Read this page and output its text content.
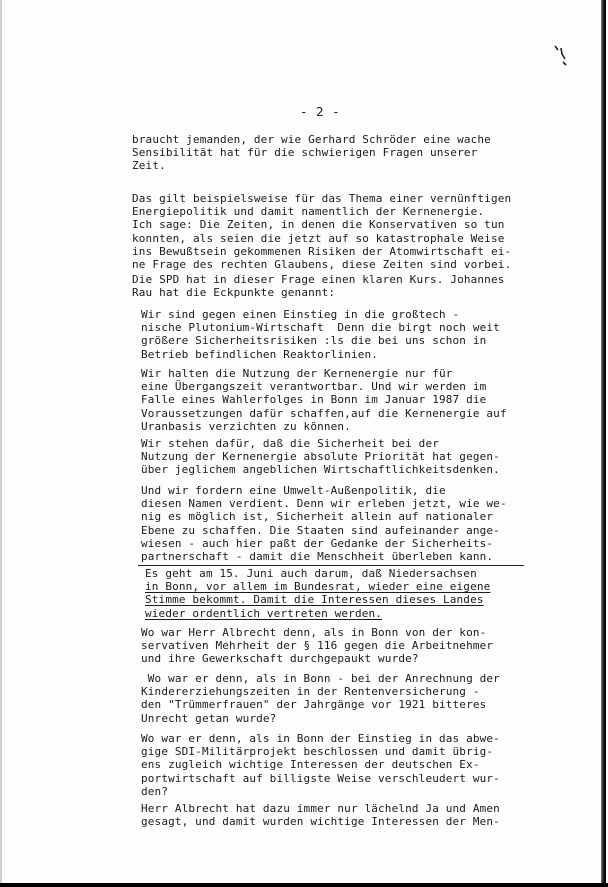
- 2 -
braucht jemanden, der wie Gerhard Schröder eine wache
Sensibilität hat für die schwierigen Fragen unserer
Zeit.
Das gilt beispielsweise für das Thema einer vernünftigen
Energiepolitik und damit namentlich der Kernenergie.
Ich sage: Die Zeiten, in denen die Konservativen so tun
konnten, als seien die jetzt auf so katastrophale Weise
ins Bewußtsein gekommenen Risiken der Atomwirtschaft ei-
ne Frage des rechten Glaubens, diese Zeiten sind vorbei.
Die SPD hat in dieser Frage einen klaren Kurs. Johannes
Rau hat die Eckpunkte genannt:
Wir sind gegen einen Einstieg in die großtech -
nische Plutonium-Wirtschaft  Denn die birgt noch weit
größere Sicherheitsrisiken :ls die bei uns schon in
Betrieb befindlichen Reaktorlinien.
Wir halten die Nutzung der Kernenergie nur für
eine Übergangszeit verantwortbar. Und wir werden im
Falle eines Wahlerfolges in Bonn im Januar 1987 die
Voraussetzungen dafür schaffen,auf die Kernenergie auf
Uranbasis verzichten zu können.
Wir stehen dafür, daß die Sicherheit bei der
Nutzung der Kernenergie absolute Priorität hat gegen-
über jeglichem angeblichen Wirtschaftlichkeitsdenken.
Und wir fordern eine Umwelt-Außenpolitik, die
diesen Namen verdient. Denn wir erleben jetzt, wie we-
nig es möglich ist, Sicherheit allein auf nationaler
Ebene zu schaffen. Die Staaten sind aufeinander ange-
wiesen - auch hier paßt der Gedanke der Sicherheits-
partnerschaft - damit die Menschheit überleben kann.
Es geht am 15. Juni auch darum, daß Niedersachsen
in Bonn, vor allem im Bundesrat, wieder eine eigene
Stimme bekommt. Damit die Interessen dieses Landes
wieder ordentlich vertreten werden.
Wo war Herr Albrecht denn, als in Bonn von der kon-
servativen Mehrheit der § 116 gegen die Arbeitnehmer
und ihre Gewerkschaft durchgepaukt wurde?
Wo war er denn, als in Bonn - bei der Anrechnung der
Kindererziehungszeiten in der Rentenversicherung -
den "Trümmerfrauen" der Jahrgänge vor 1921 bitteres
Unrecht getan wurde?
Wo war er denn, als in Bonn der Einstieg in das abwe-
gige SDI-Militärprojekt beschlossen und damit übrig-
ens zugleich wichtige Interessen der deutschen Ex-
portwirtschaft auf billigste Weise verschleudert wur-
den?
Herr Albrecht hat dazu immer nur lächelnd Ja und Amen
gesagt, und damit wurden wichtige Interessen der Men-
